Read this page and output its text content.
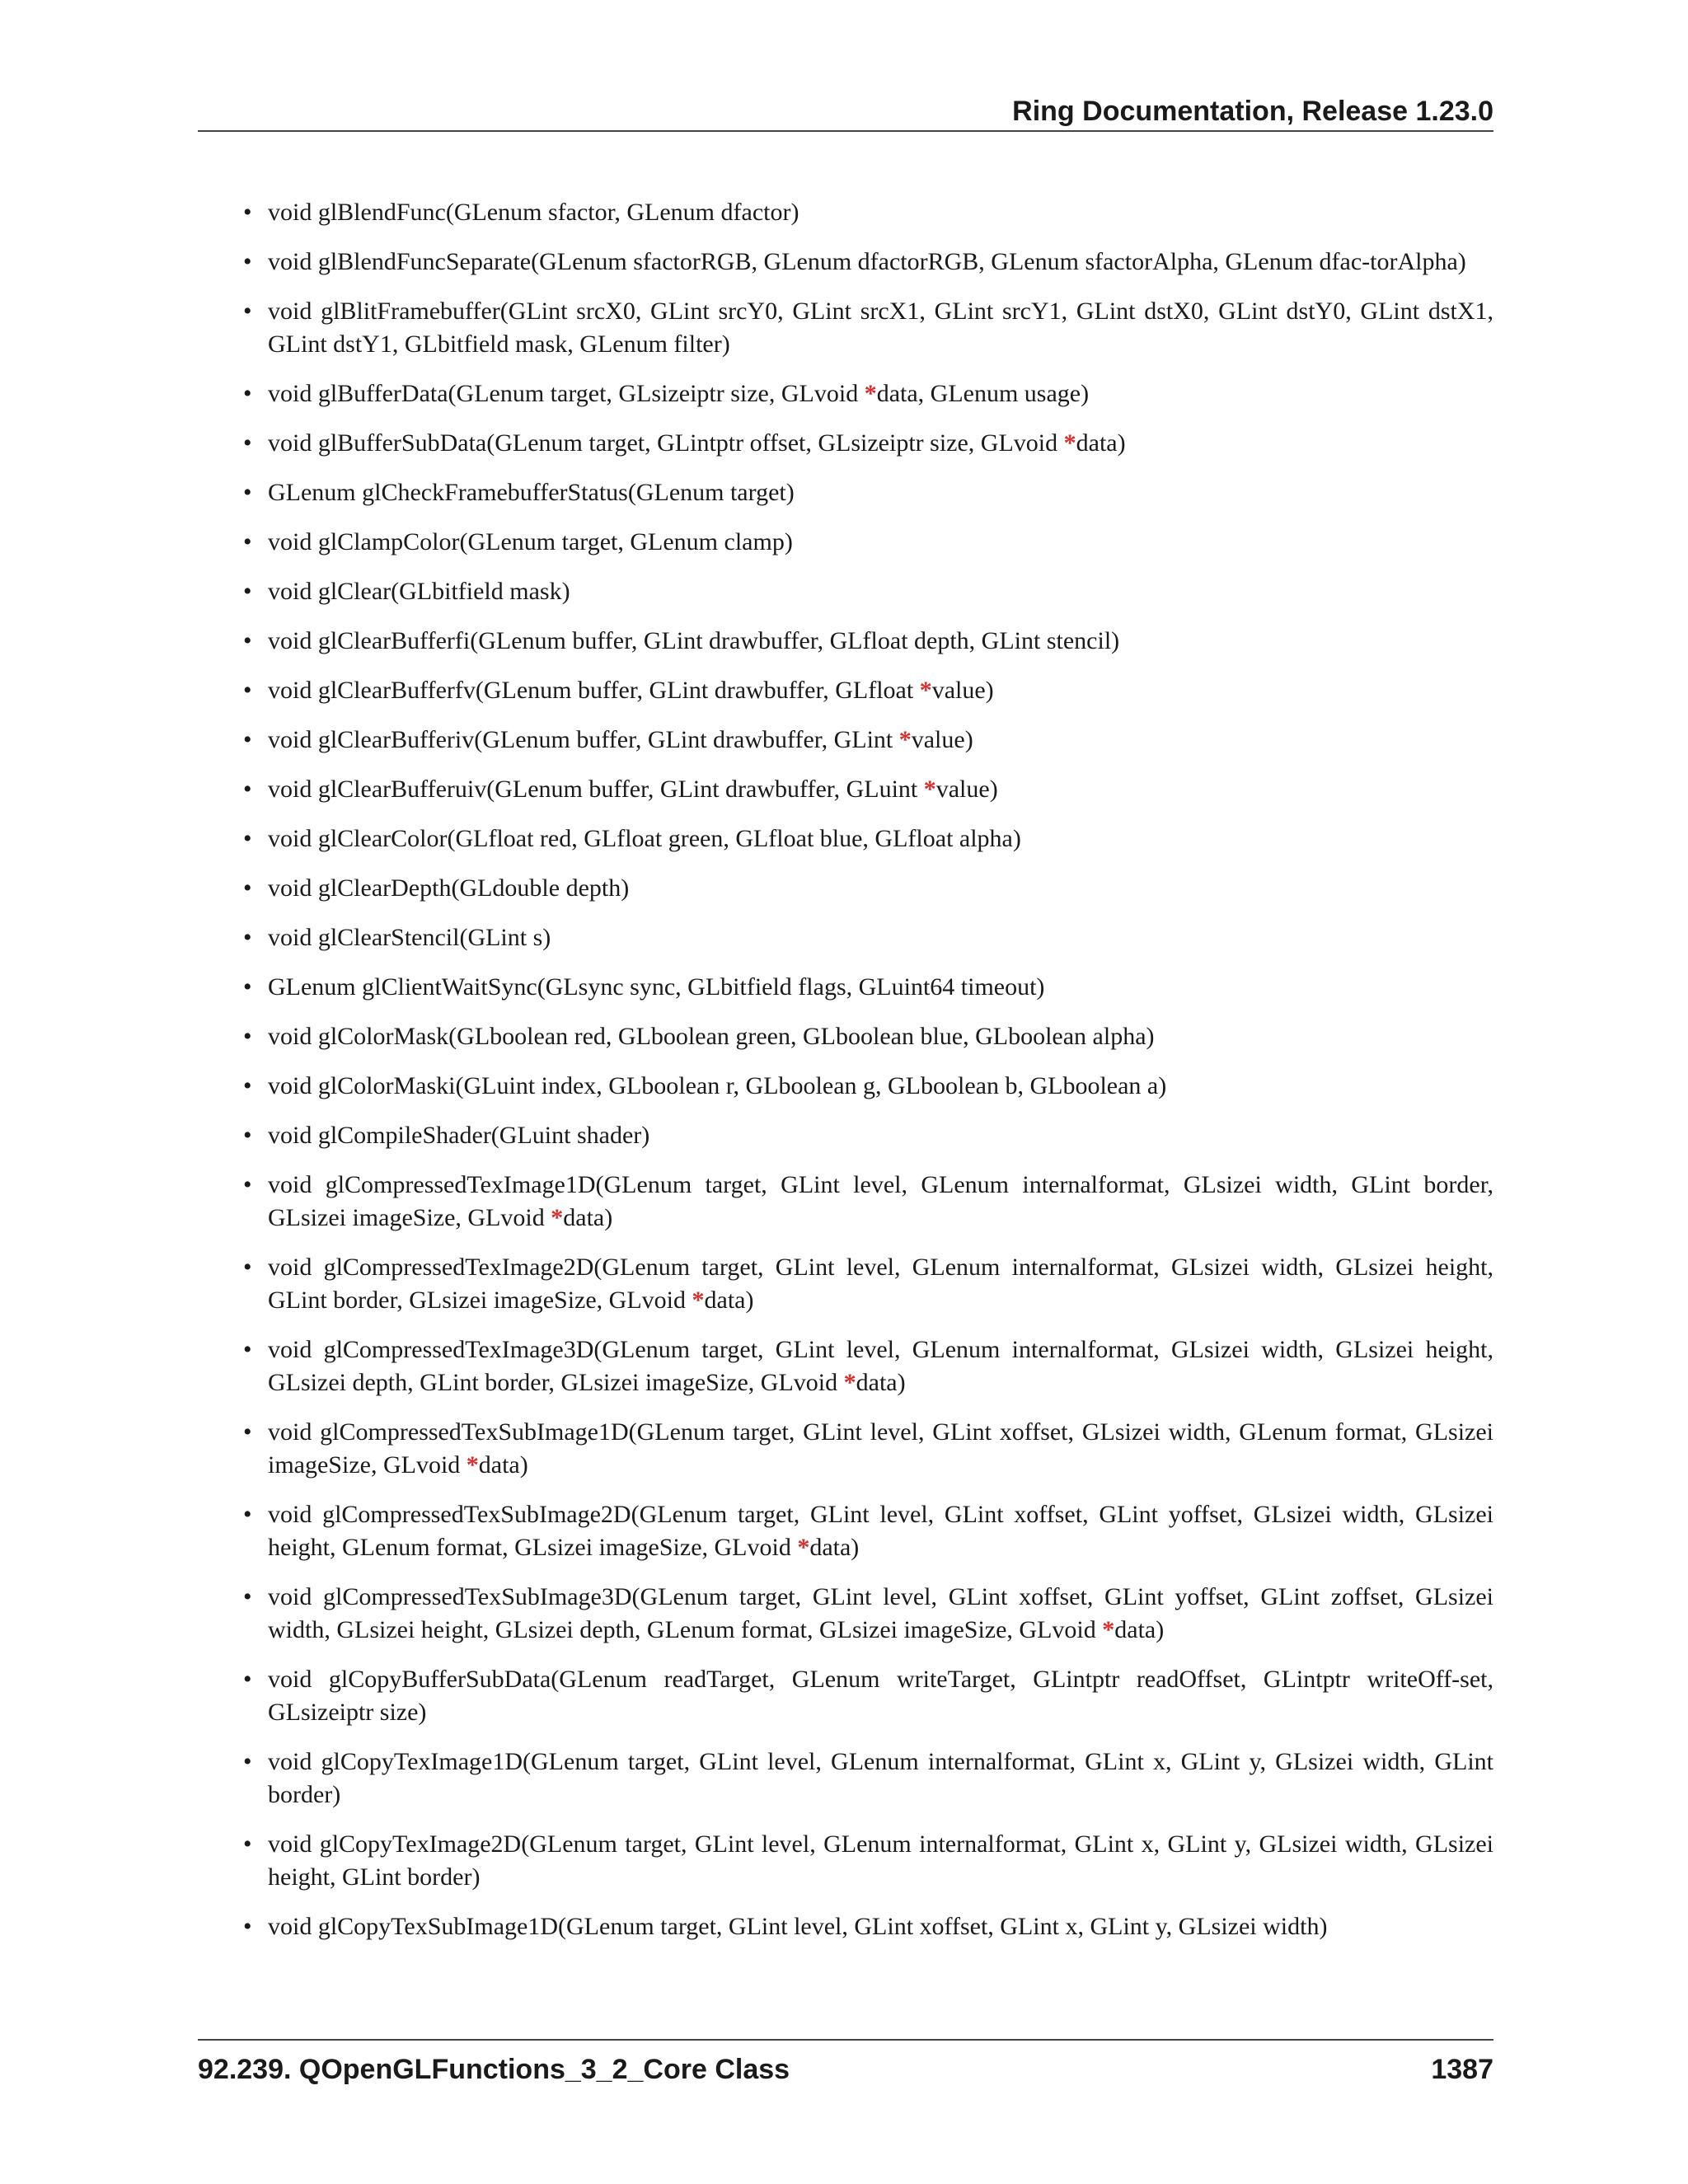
Ring Documentation, Release 1.23.0
• void glBlendFunc(GLenum sfactor, GLenum dfactor)
• void glBlendFuncSeparate(GLenum sfactorRGB, GLenum dfactorRGB, GLenum sfactorAlpha, GLenum dfac-torAlpha)
• void glBlitFramebuffer(GLint srcX0, GLint srcY0, GLint srcX1, GLint srcY1, GLint dstX0, GLint dstY0, GLint dstX1, GLint dstY1, GLbitfield mask, GLenum filter)
• void glBufferData(GLenum target, GLsizeiptr size, GLvoid *data, GLenum usage)
• void glBufferSubData(GLenum target, GLintptr offset, GLsizeiptr size, GLvoid *data)
• GLenum glCheckFramebufferStatus(GLenum target)
• void glClampColor(GLenum target, GLenum clamp)
• void glClear(GLbitfield mask)
• void glClearBufferfi(GLenum buffer, GLint drawbuffer, GLfloat depth, GLint stencil)
• void glClearBufferfv(GLenum buffer, GLint drawbuffer, GLfloat *value)
• void glClearBufferiv(GLenum buffer, GLint drawbuffer, GLint *value)
• void glClearBufferuiv(GLenum buffer, GLint drawbuffer, GLuint *value)
• void glClearColor(GLfloat red, GLfloat green, GLfloat blue, GLfloat alpha)
• void glClearDepth(GLdouble depth)
• void glClearStencil(GLint s)
• GLenum glClientWaitSync(GLsync sync, GLbitfield flags, GLuint64 timeout)
• void glColorMask(GLboolean red, GLboolean green, GLboolean blue, GLboolean alpha)
• void glColorMaski(GLuint index, GLboolean r, GLboolean g, GLboolean b, GLboolean a)
• void glCompileShader(GLuint shader)
• void glCompressedTexImage1D(GLenum target, GLint level, GLenum internalformat, GLsizei width, GLint border, GLsizei imageSize, GLvoid *data)
• void glCompressedTexImage2D(GLenum target, GLint level, GLenum internalformat, GLsizei width, GLsizei height, GLint border, GLsizei imageSize, GLvoid *data)
• void glCompressedTexImage3D(GLenum target, GLint level, GLenum internalformat, GLsizei width, GLsizei height, GLsizei depth, GLint border, GLsizei imageSize, GLvoid *data)
• void glCompressedTexSubImage1D(GLenum target, GLint level, GLint xoffset, GLsizei width, GLenum format, GLsizei imageSize, GLvoid *data)
• void glCompressedTexSubImage2D(GLenum target, GLint level, GLint xoffset, GLint yoffset, GLsizei width, GLsizei height, GLenum format, GLsizei imageSize, GLvoid *data)
• void glCompressedTexSubImage3D(GLenum target, GLint level, GLint xoffset, GLint yoffset, GLint zoffset, GLsizei width, GLsizei height, GLsizei depth, GLenum format, GLsizei imageSize, GLvoid *data)
• void glCopyBufferSubData(GLenum readTarget, GLenum writeTarget, GLintptr readOffset, GLintptr writeOff-set, GLsizeiptr size)
• void glCopyTexImage1D(GLenum target, GLint level, GLenum internalformat, GLint x, GLint y, GLsizei width, GLint border)
• void glCopyTexImage2D(GLenum target, GLint level, GLenum internalformat, GLint x, GLint y, GLsizei width, GLsizei height, GLint border)
• void glCopyTexSubImage1D(GLenum target, GLint level, GLint xoffset, GLint x, GLint y, GLsizei width)
92.239. QOpenGLFunctions_3_2_Core Class	1387
